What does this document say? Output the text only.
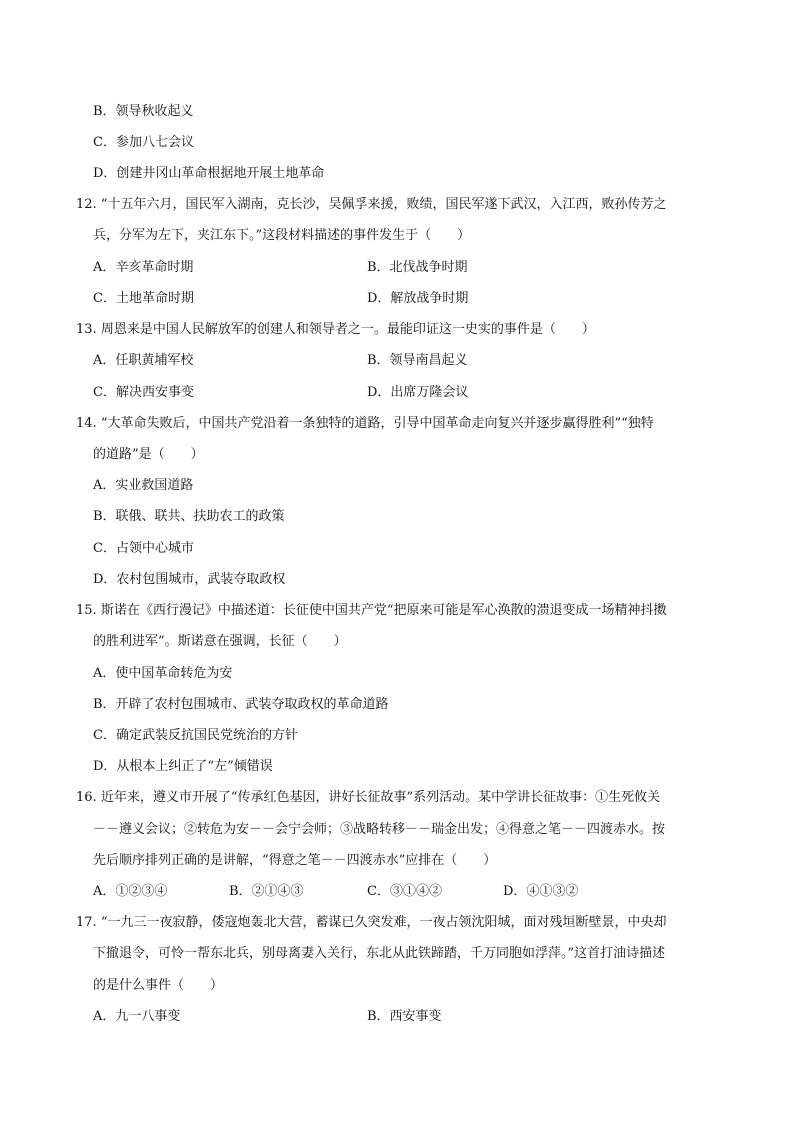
B．领导秋收起义
C．参加八七会议
D．创建井冈山革命根据地开展土地革命
12. “十五年六月，国民军入湖南，克长沙，吴佩孚来援，败绩，国民军遂下武汉，入江西，败孙传芳之
兵，分军为左下，夹江东下。”这段材料描述的事件发生于（　　）
A．辛亥革命时期	B．北伐战争时期
C．土地革命时期	D．解放战争时期
13. 周恩来是中国人民解放军的创建人和领导者之一。最能印证这一史实的事件是（　　）
A．任职黄埔军校	B．领导南昌起义
C．解决西安事变	D．出席万隆会议
14. “大革命失败后，中国共产党沿着一条独特的道路，引导中国革命走向复兴并逐步赢得胜利”“独特
的道路”是（　　）
A．实业救国道路
B．联俄、联共、扶助农工的政策
C．占领中心城市
D．农村包围城市，武装夺取政权
15. 斯诺在《西行漫记》中描述道：长征使中国共产党“把原来可能是军心涣散的溃退变成一场精神抖擞
的胜利进军”。斯诺意在强调，长征（　　）
A．使中国革命转危为安
B．开辟了农村包围城市、武装夺取政权的革命道路
C．确定武装反抗国民党统治的方针
D．从根本上纠正了“左”倾错误
16. 近年来，遵义市开展了“传承红色基因，讲好长征故事”系列活动。某中学讲长征故事：①生死攸关
－－遵义会议；②转危为安－－会宁会师；③战略转移－－瑞金出发；④得意之笔－－四渡赤水。按
先后顺序排列正确的是讲解，“得意之笔－－四渡赤水”应排在（　　）
A．①②③④	B．②①④③	C．③①④②	D．④①③②
17. “一九三一夜寂静，倭寇炮轰北大营，蓄谋已久突发难，一夜占领沈阳城，面对残垣断壁景，中央却
下撤退令，可怜一帮东北兵，别母离妻入关行，东北从此铁蹄踏，千万同胞如浮萍。”这首打油诗描述
的是什么事件（　　）
A．九一八事变	B．西安事变
